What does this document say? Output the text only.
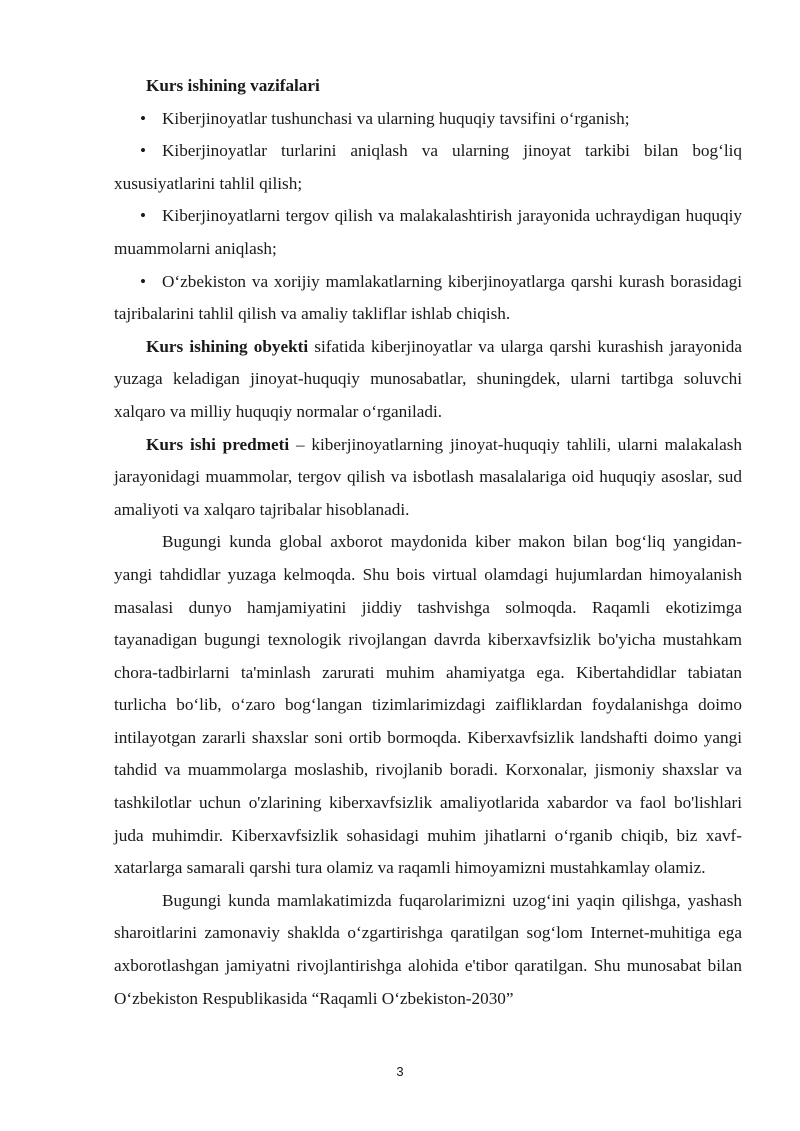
Kurs ishining vazifalari

• Kiberjinoyatlar tushunchasi va ularning huquqiy tavsifini o‘rganish;
• Kiberjinoyatlar turlarini aniqlash va ularning jinoyat tarkibi bilan bog‘liq xususiyatlarini tahlil qilish;
• Kiberjinoyatlarni tergov qilish va malakalashtirish jarayonida uchraydigan huquqiy muammolarni aniqlash;
• O‘zbekiston va xorijiy mamlakatlarning kiberjinoyatlarga qarshi kurash borasidagi tajribalarini tahlil qilish va amaliy takliflar ishlab chiqish.

Kurs ishining obyekti sifatida kiberjinoyatlar va ularga qarshi kurashish jarayonida yuzaga keladigan jinoyat-huquqiy munosabatlar, shuningdek, ularni tartibga soluvchi xalqaro va milliy huquqiy normalar o‘rganiladi.

Kurs ishi predmeti – kiberjinoyatlarning jinoyat-huquqiy tahlili, ularni malakalash jarayonidagi muammolar, tergov qilish va isbotlash masalalariga oid huquqiy asoslar, sud amaliyoti va xalqaro tajribalar hisoblanadi.

Bugungi kunda global axborot maydonida kiber makon bilan bog‘liq yangidan-yangi tahdidlar yuzaga kelmoqda. Shu bois virtual olamdagi hujumlardan himoyalanish masalasi dunyo hamjamiyatini jiddiy tashvishga solmoqda. Raqamli ekotizimga tayanadigan bugungi texnologik rivojlangan davrda kiberxavfsizlik bo'yicha mustahkam chora-tadbirlarni ta'minlash zarurati muhim ahamiyatga ega. Kibertahdidlar tabiatan turlicha bo‘lib, o‘zaro bog‘langan tizimlarimizdagi zaifliklardan foydalanishga doimo intilayotgan zararli shaxslar soni ortib bormoqda. Kiberxavfsizlik landshafti doimo yangi tahdid va muammolarga moslashib, rivojlanib boradi. Korxonalar, jismoniy shaxslar va tashkilotlar uchun o'zlarining kiberxavfsizlik amaliyotlarida xabardor va faol bo'lishlari juda muhimdir. Kiberxavfsizlik sohasidagi muhim jihatlarni o‘rganib chiqib, biz xavf-xatarlarga samarali qarshi tura olamiz va raqamli himoyamizni mustahkamlay olamiz.

Bugungi kunda mamlakatimizda fuqarolarimizni uzog‘ini yaqin qilishga, yashash sharoitlarini zamonaviy shaklda o‘zgartirishga qaratilgan sog‘lom Internet-muhitiga ega axborotlashgan jamiyatni rivojlantirishga alohida e'tibor qaratilgan. Shu munosabat bilan O‘zbekiston Respublikasida “Raqamli O‘zbekiston-2030”

3
